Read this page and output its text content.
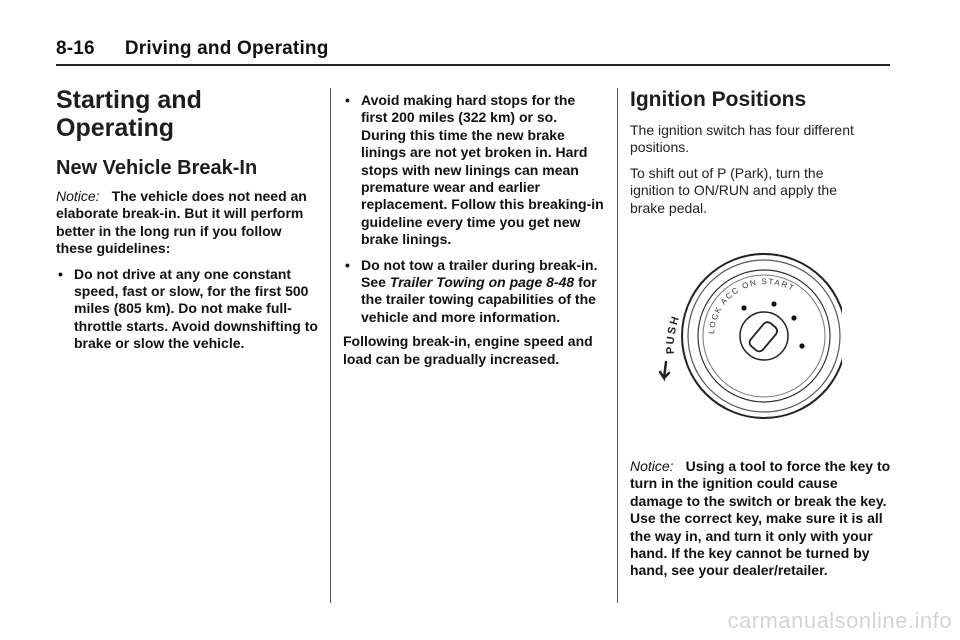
8-16 Driving and Operating
Starting and Operating
New Vehicle Break-In

Notice: The vehicle does not need an elaborate break-in. But it will perform better in the long run if you follow these guidelines:

• Do not drive at any one constant speed, fast or slow, for the first 500 miles (805 km). Do not make full-throttle starts. Avoid downshifting to brake or slow the vehicle.
• Avoid making hard stops for the first 200 miles (322 km) or so. During this time the new brake linings are not yet broken in. Hard stops with new linings can mean premature wear and earlier replacement. Follow this breaking-in guideline every time you get new brake linings.
• Do not tow a trailer during break-in. See Trailer Towing on page 8-48 for the trailer towing capabilities of the vehicle and more information.

Following break-in, engine speed and load can be gradually increased.

Ignition Positions

The ignition switch has four different positions.

To shift out of P (Park), turn the ignition to ON/RUN and apply the brake pedal.

PUSH
LOCK ACC ON START

Notice: Using a tool to force the key to turn in the ignition could cause damage to the switch or break the key. Use the correct key, make sure it is all the way in, and turn it only with your hand. If the key cannot be turned by hand, see your dealer/retailer.

carmanualsonline.info
